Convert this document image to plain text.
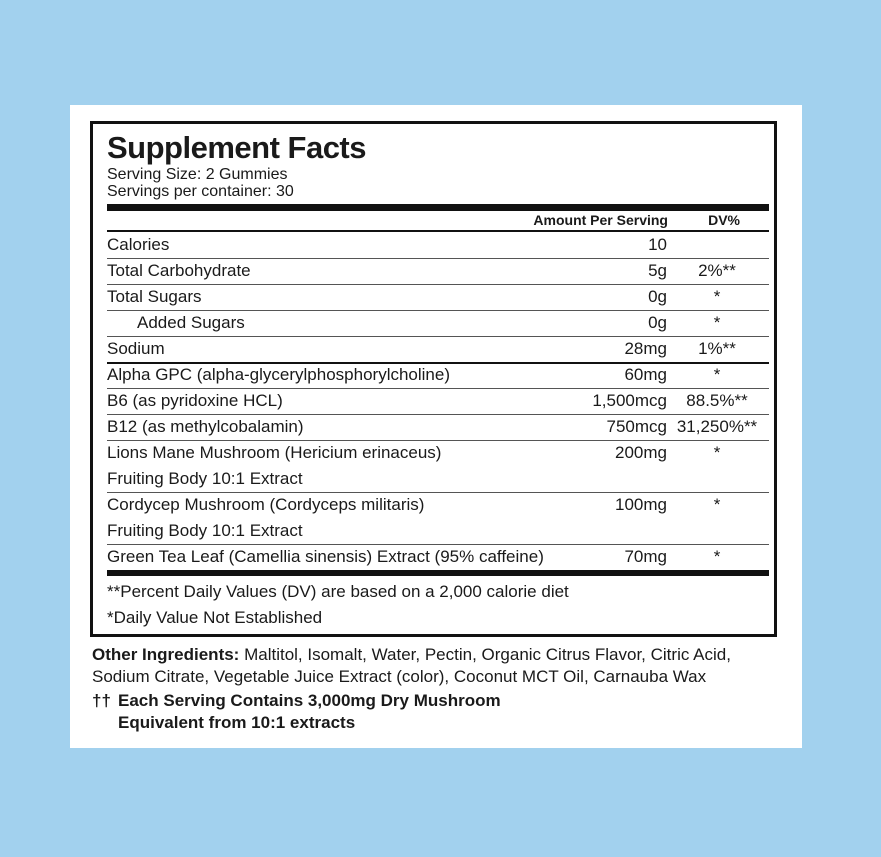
Supplement Facts
Serving Size: 2 Gummies
Servings per container: 30
Amount Per Serving	DV%
Calories	10
Total Carbohydrate	5g	2%**
Total Sugars	0g	*
Added Sugars	0g	*
Sodium	28mg	1%**
Alpha GPC (alpha-glycerylphosphorylcholine)	60mg	*
B6 (as pyridoxine HCL)	1,500mcg	88.5%**
B12 (as methylcobalamin)	750mcg 31,250%**
Lions Mane Mushroom (Hericium erinaceus)
Fruiting Body 10:1 Extract
200mg	*
Cordycep Mushroom (Cordyceps militaris)
Fruiting Body 10:1 Extract
100mg	*
Green Tea Leaf (Camellia sinensis) Extract (95% caffeine)	70mg	*
**Percent Daily Values (DV) are based on a 2,000 calorie diet
*Daily Value Not Established
Other Ingredients: Maltitol, Isomalt, Water, Pectin, Organic Citrus Flavor, Citric Acid, Sodium Citrate, Vegetable Juice Extract (color), Coconut MCT Oil, Carnauba Wax
†† Each Serving Contains 3,000mg Dry Mushroom
Equivalent from 10:1 extracts
